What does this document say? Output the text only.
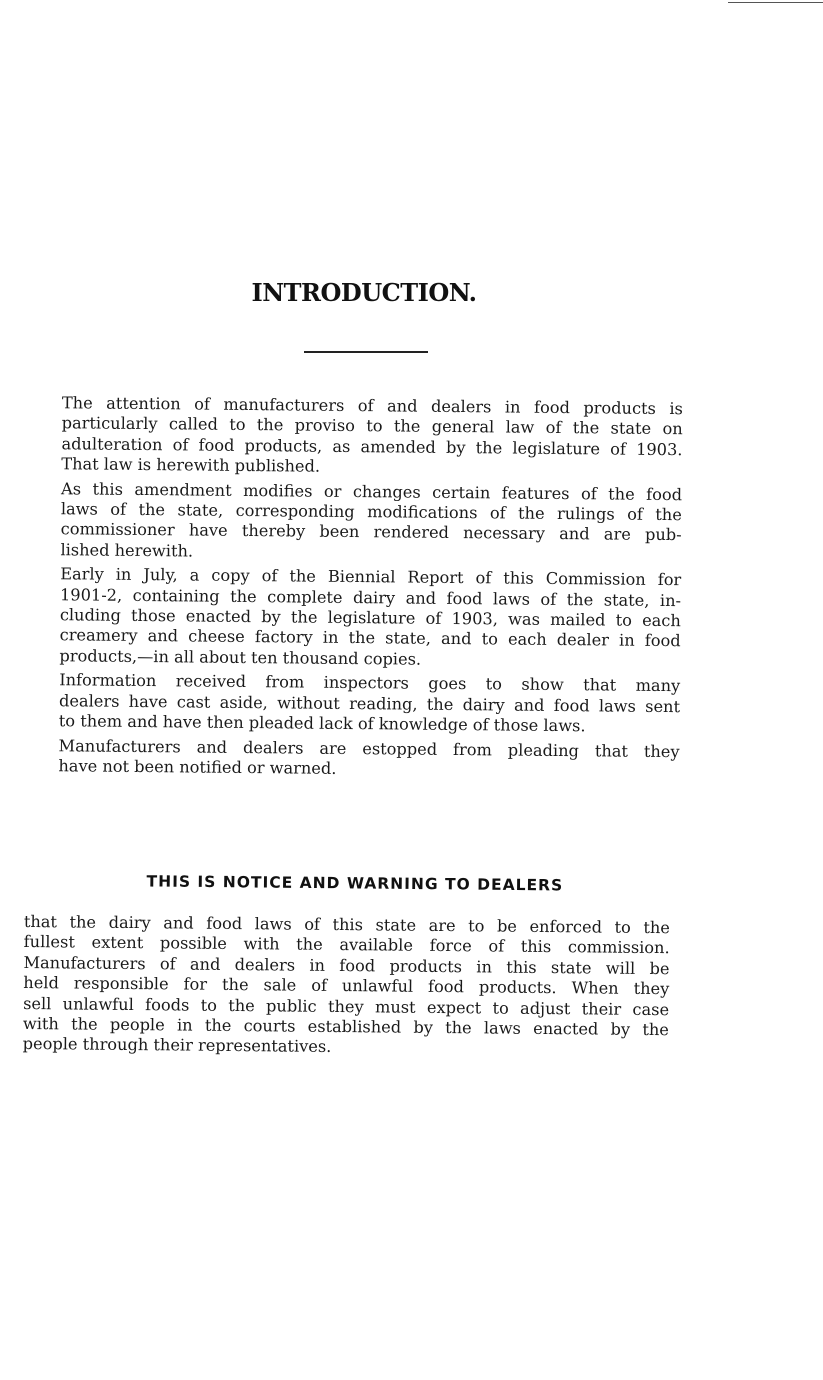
INTRODUCTION.

The attention of manufacturers of and dealers in food products is
particularly called to the proviso to the general law of the state on
adulteration of food products, as amended by the legislature of 1903.
That law is herewith published.

As this amendment modifies or changes certain features of the food
laws of the state, corresponding modifications of the rulings of the
commissioner have thereby been rendered necessary and are pub-
lished herewith.

Early in July, a copy of the Biennial Report of this Commission for
1901-2, containing the complete dairy and food laws of the state, in-
cluding those enacted by the legislature of 1903, was mailed to each
creamery and cheese factory in the state, and to each dealer in food
products,—in all about ten thousand copies.

Information received from inspectors goes to show that many
dealers have cast aside, without reading, the dairy and food laws sent
to them and have then pleaded lack of knowledge of those laws.

Manufacturers and dealers are estopped from pleading that they
have not been notified or warned.

THIS IS NOTICE AND WARNING TO DEALERS

that the dairy and food laws of this state are to be enforced to the
fullest extent possible with the available force of this commission.
Manufacturers of and dealers in food products in this state will be
held responsible for the sale of unlawful food products. When they
sell unlawful foods to the public they must expect to adjust their case
with the people in the courts established by the laws enacted by the
people through their representatives.
